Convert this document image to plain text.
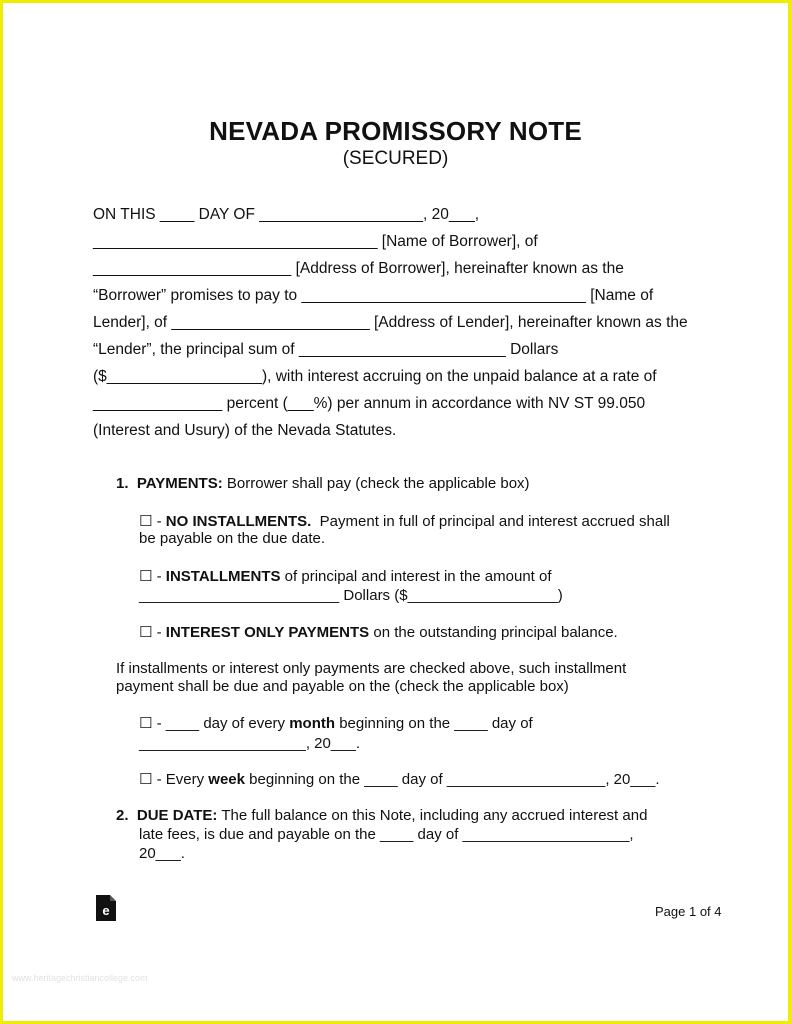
NEVADA PROMISSORY NOTE
(SECURED)
ON THIS ____ DAY OF ___________________, 20___,
_________________________________ [Name of Borrower], of
_______________________ [Address of Borrower], hereinafter known as the
“Borrower” promises to pay to _________________________________ [Name of
Lender], of _______________________ [Address of Lender], hereinafter known as the
“Lender”, the principal sum of ________________________ Dollars
($__________________), with interest accruing on the unpaid balance at a rate of
_______________ percent (___%) per annum in accordance with NV ST 99.050
(Interest and Usury) of the Nevada Statutes.
1. PAYMENTS: Borrower shall pay (check the applicable box)
☐ - NO INSTALLMENTS.  Payment in full of principal and interest accrued shall
be payable on the due date.
☐ - INSTALLMENTS of principal and interest in the amount of
________________________ Dollars ($__________________)
☐ - INTEREST ONLY PAYMENTS on the outstanding principal balance.
If installments or interest only payments are checked above, such installment
payment shall be due and payable on the (check the applicable box)
☐ - ____ day of every month beginning on the ____ day of
____________________, 20___.
☐ - Every week beginning on the ____ day of ___________________, 20___.
2. DUE DATE: The full balance on this Note, including any accrued interest and
late fees, is due and payable on the ____ day of ____________________,
20___.
e	Page 1 of 4
www.heritagechristiancollege.com
